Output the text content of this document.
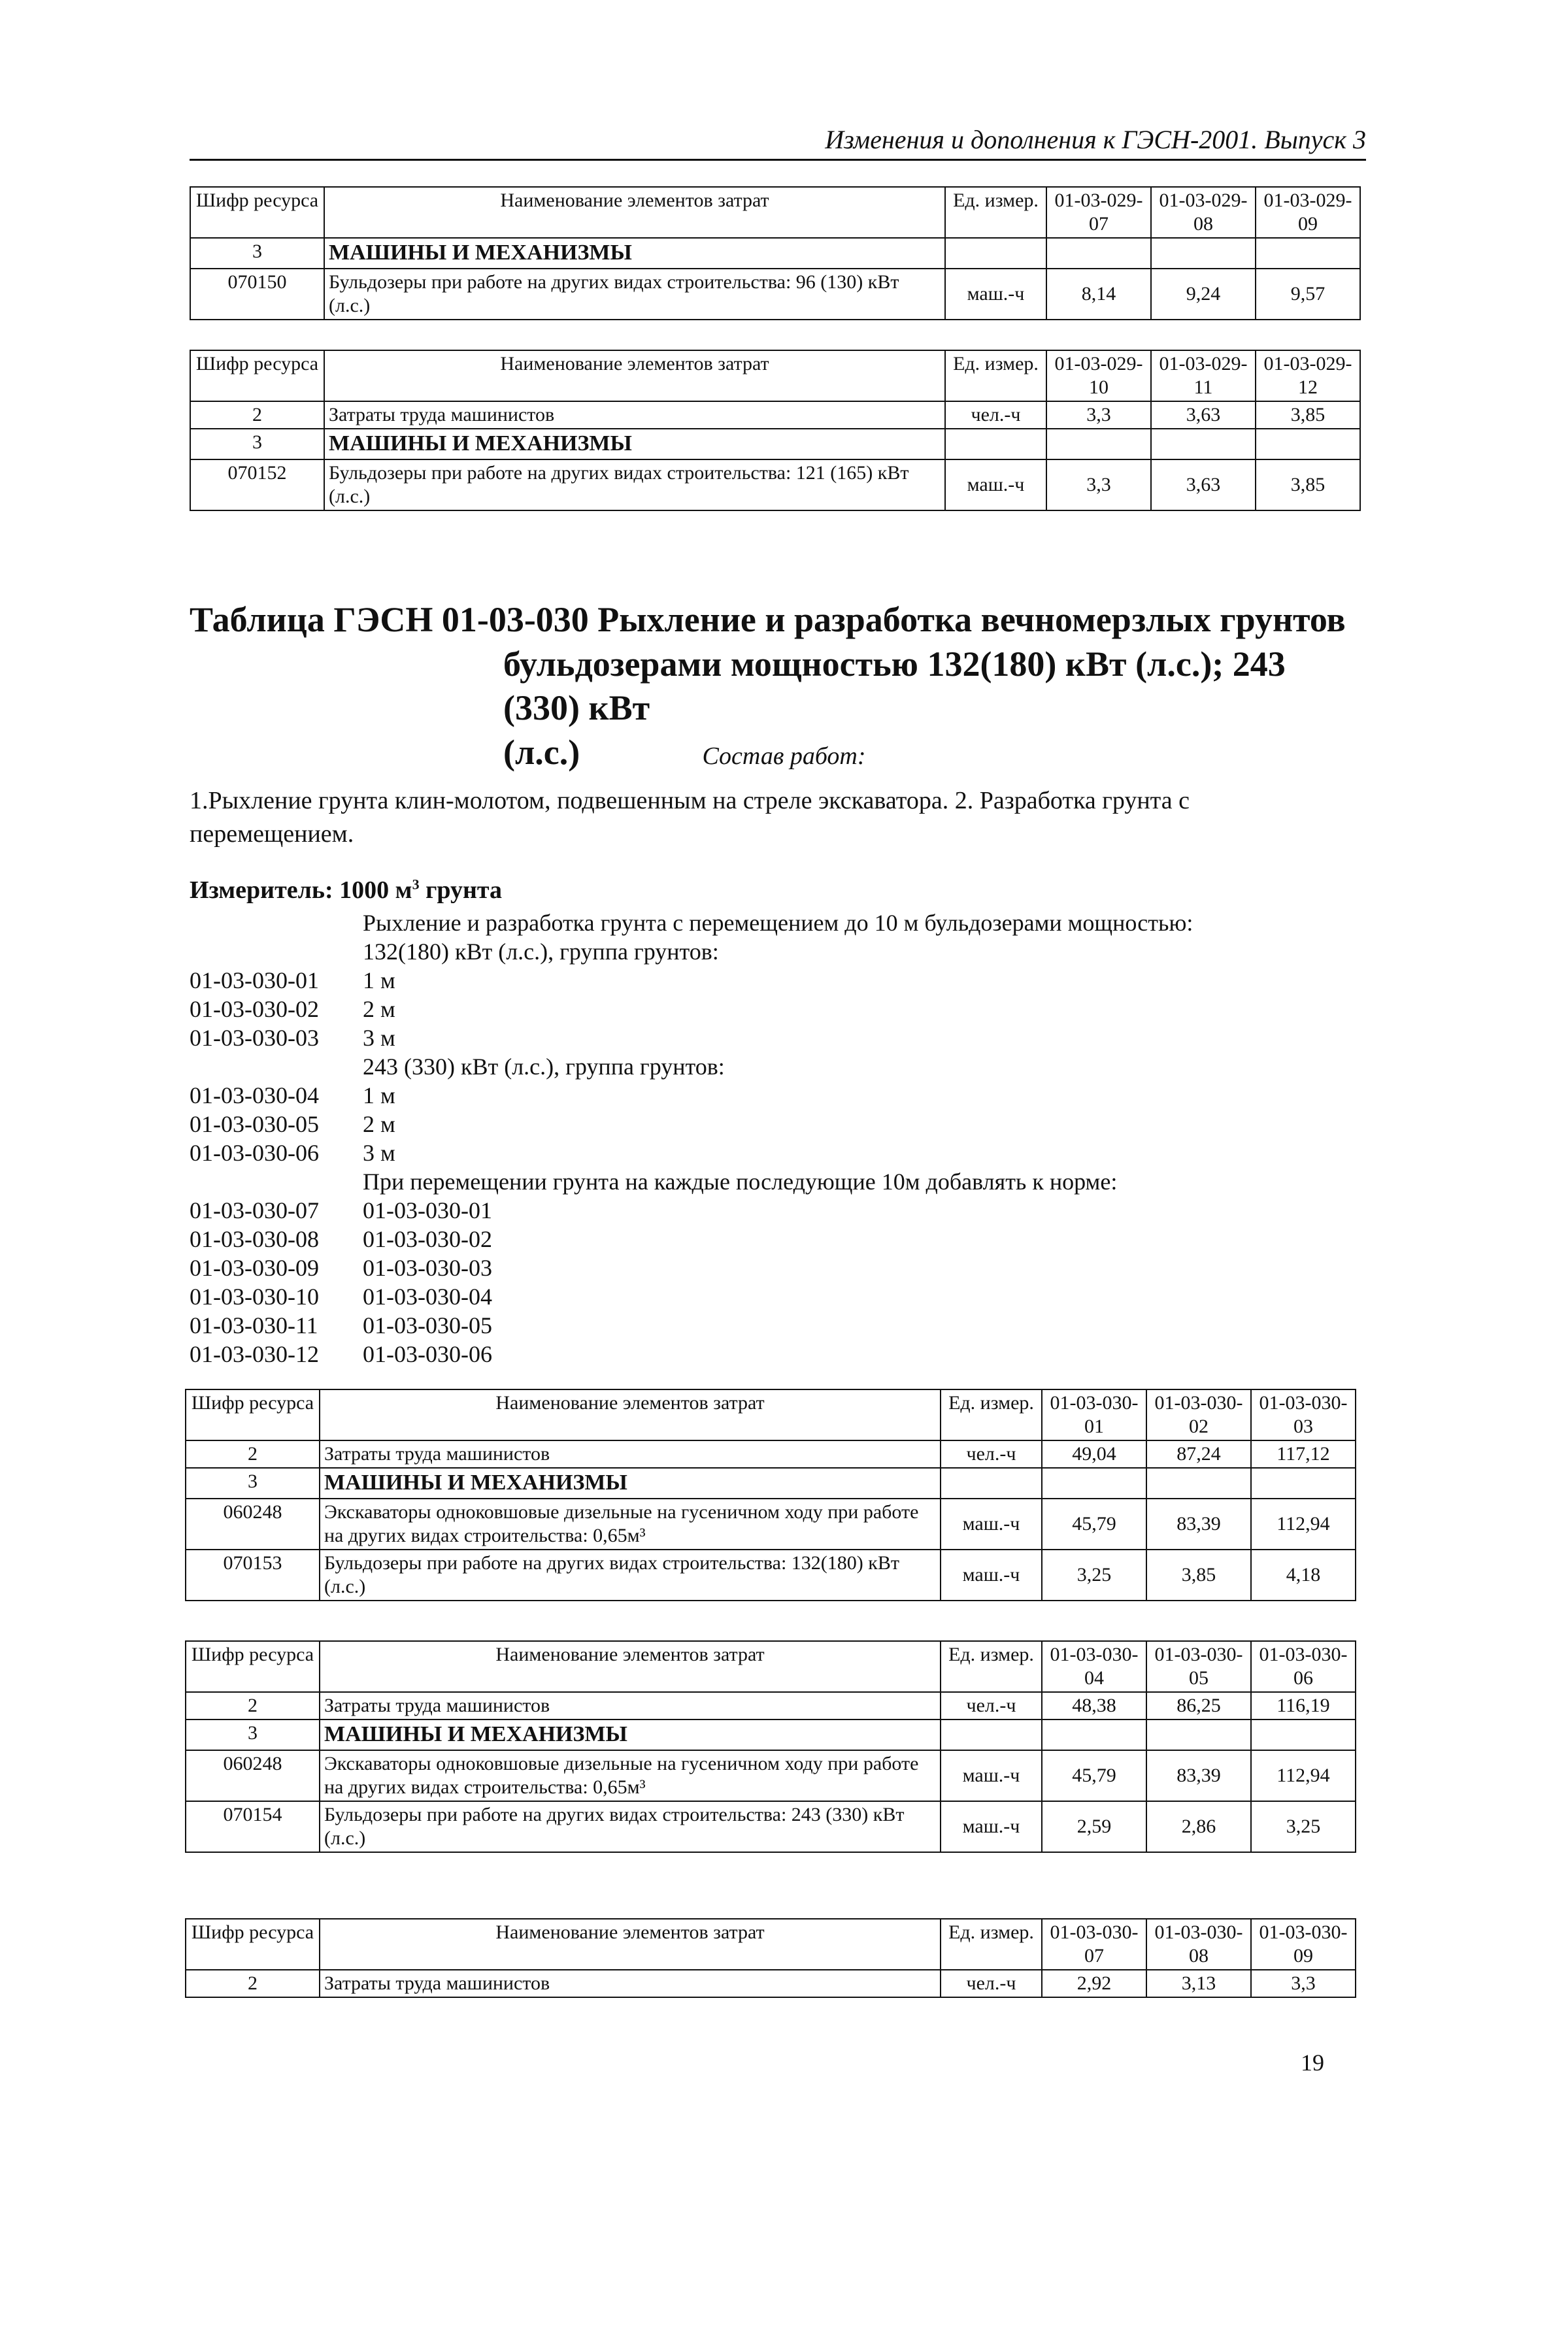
Изменения и дополнения к ГЭСН-2001. Выпуск 3
Шифр ресурса	Наименование элементов затрат	Ед. измер.	01-03-029-07	01-03-029-08	01-03-029-09
3	МАШИНЫ И МЕХАНИЗМЫ				
070150	Бульдозеры при работе на других видах строительства: 96 (130) кВт (л.с.)	маш.-ч	8,14	9,24	9,57
Шифр ресурса	Наименование элементов затрат	Ед. измер.	01-03-029-10	01-03-029-11	01-03-029-12
2	Затраты труда машинистов	чел.-ч	3,3	3,63	3,85
3	МАШИНЫ И МЕХАНИЗМЫ				
070152	Бульдозеры при работе на других видах строительства: 121 (165) кВт (л.с.)	маш.-ч	3,3	3,63	3,85
Шифр ресурса	Наименование элементов затрат	Ед. измер.	01-03-030-01	01-03-030-02	01-03-030-03
2	Затраты труда машинистов	чел.-ч	49,04	87,24	117,12
3	МАШИНЫ И МЕХАНИЗМЫ				
060248	Экскаваторы одноковшовые дизельные на гусеничном ходу при работе на других видах строительства: 0,65м³	маш.-ч	45,79	83,39	112,94
070153	Бульдозеры при работе на других видах строительства: 132(180) кВт (л.с.)	маш.-ч	3,25	3,85	4,18
Шифр ресурса	Наименование элементов затрат	Ед. измер.	01-03-030-04	01-03-030-05	01-03-030-06
2	Затраты труда машинистов	чел.-ч	48,38	86,25	116,19
3	МАШИНЫ И МЕХАНИЗМЫ				
060248	Экскаваторы одноковшовые дизельные на гусеничном ходу при работе на других видах строительства: 0,65м³	маш.-ч	45,79	83,39	112,94
070154	Бульдозеры при работе на других видах строительства: 243 (330) кВт (л.с.)	маш.-ч	2,59	2,86	3,25
Шифр ресурса	Наименование элементов затрат	Ед. измер.	01-03-030-07	01-03-030-08	01-03-030-09
2	Затраты труда машинистов	чел.-ч	2,92	3,13	3,3
Таблица ГЭСН 01-03-030 Рыхление и разработка вечномерзлых грунтов
бульдозерами мощностью 132(180) кВт (л.с.); 243 (330) кВт
(л.с.)	Состав работ:
1.Рыхление грунта клин-молотом, подвешенным на стреле экскаватора. 2. Разработка грунта с перемещением.
Измеритель: 1000 $м^3$ грунта
Рыхление и разработка грунта с перемещением до 10 м бульдозерами мощностью:
132(180) кВт (л.с.), группа грунтов:
01-03-030-01 1 м
01-03-030-02 2 м
01-03-030-03 3 м
243 (330) кВт (л.с.), группа грунтов:
01-03-030-04 1 м
01-03-030-05 2 м
01-03-030-06 3 м
При перемещении грунта на каждые последующие 10м добавлять к норме:
01-03-030-07 01-03-030-01
01-03-030-08 01-03-030-02
01-03-030-09 01-03-030-03
01-03-030-10 01-03-030-04
01-03-030-11 01-03-030-05
01-03-030-12 01-03-030-06
19
